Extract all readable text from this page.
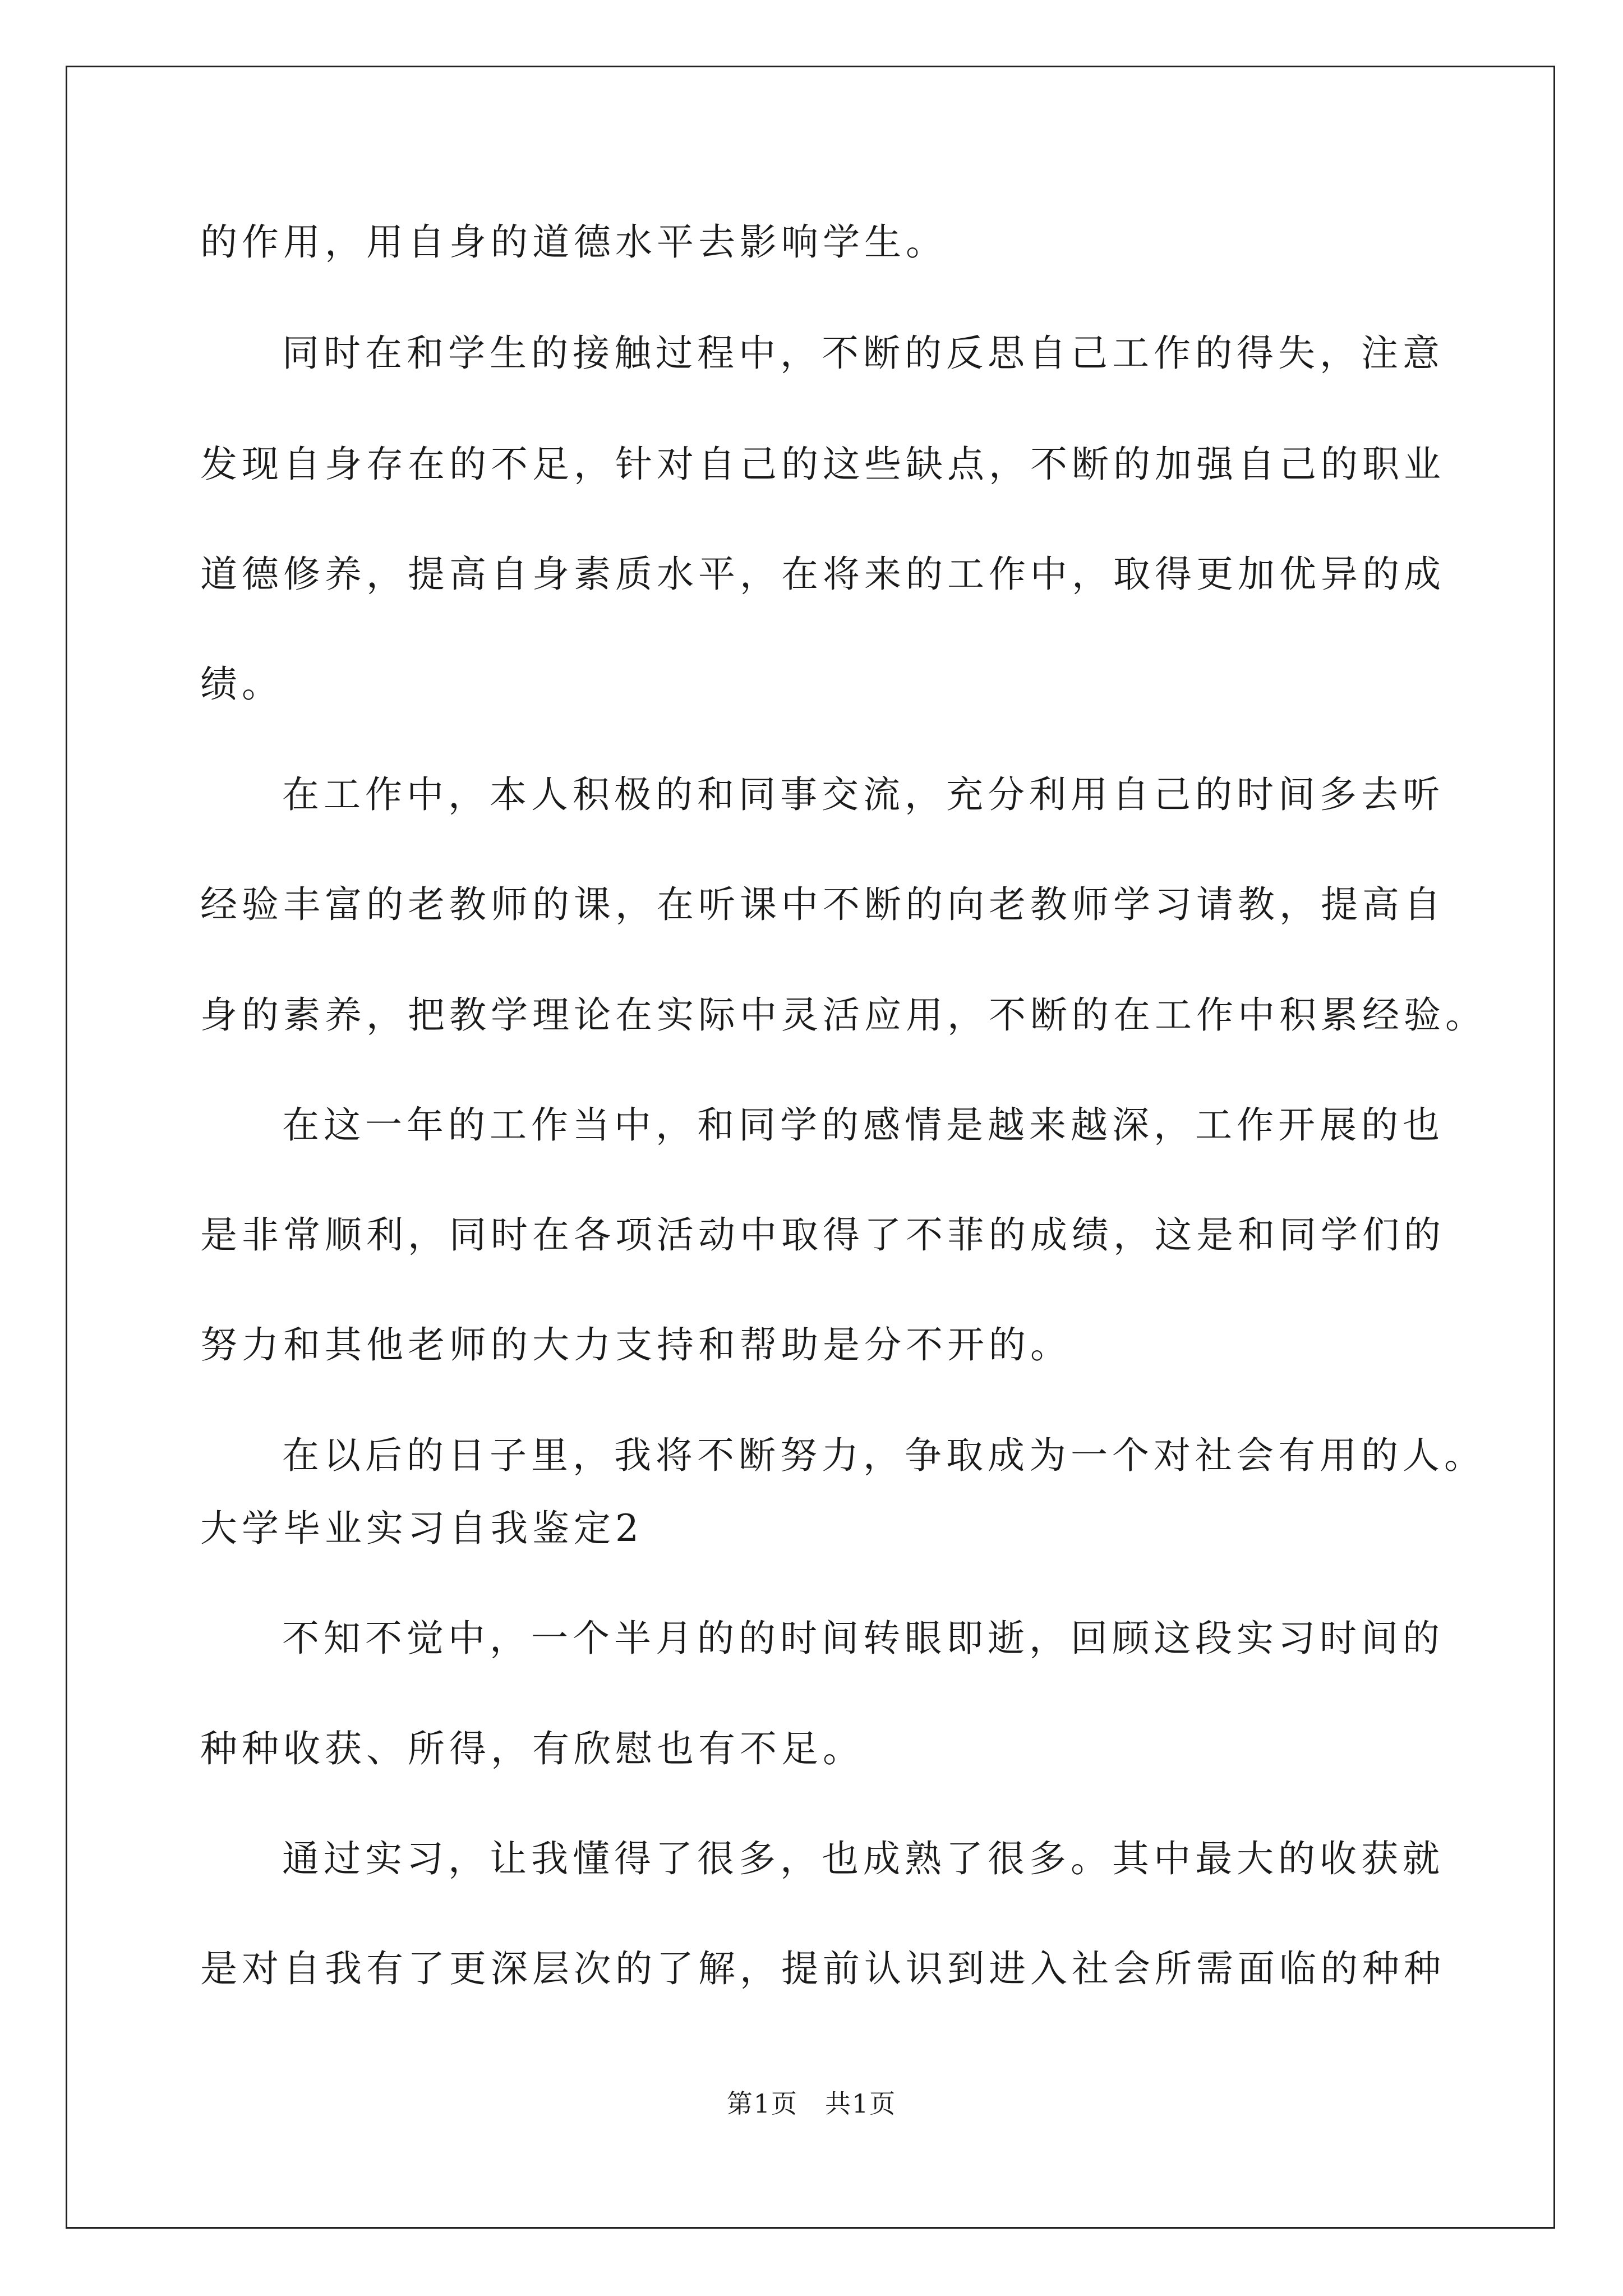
的作用，用自身的道德水平去影响学生。
同时在和学生的接触过程中，不断的反思自己工作的得失，注意
发现自身存在的不足，针对自己的这些缺点，不断的加强自己的职业
道德修养，提高自身素质水平，在将来的工作中，取得更加优异的成
绩。
在工作中，本人积极的和同事交流，充分利用自己的时间多去听
经验丰富的老教师的课，在听课中不断的向老教师学习请教，提高自
身的素养，把教学理论在实际中灵活应用，不断的在工作中积累经验。
在这一年的工作当中，和同学的感情是越来越深，工作开展的也
是非常顺利，同时在各项活动中取得了不菲的成绩，这是和同学们的
努力和其他老师的大力支持和帮助是分不开的。
在以后的日子里，我将不断努力，争取成为一个对社会有用的人。
大学毕业实习自我鉴定2
不知不觉中，一个半月的的时间转眼即逝，回顾这段实习时间的
种种收获、所得，有欣慰也有不足。
通过实习，让我懂得了很多，也成熟了很多。其中最大的收获就
是对自我有了更深层次的了解，提前认识到进入社会所需面临的种种
第1页 共1页
